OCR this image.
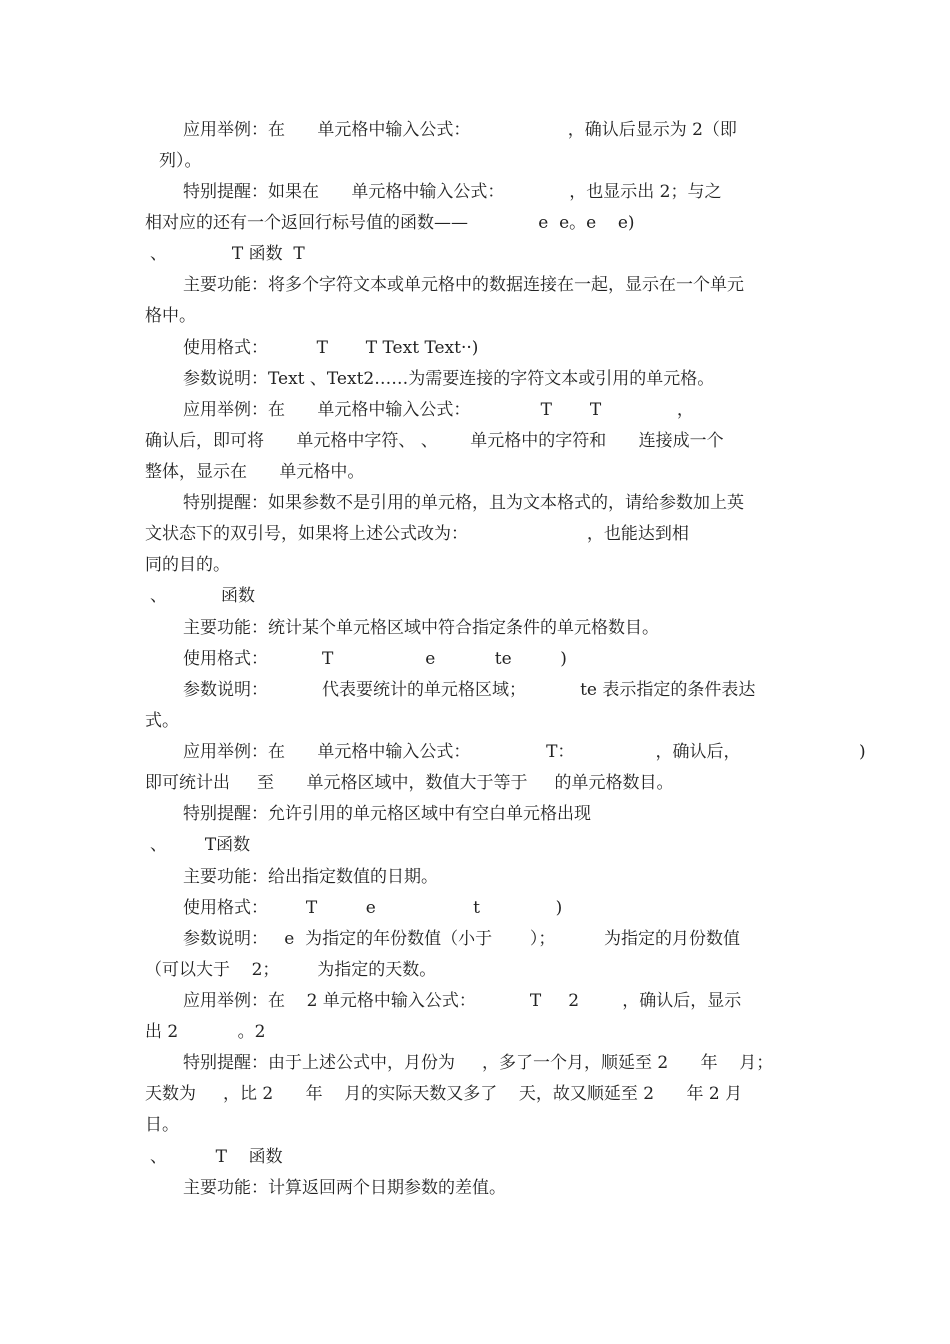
应用举例：在      单元格中输入公式：                  ，确认后显示为 2（即
列）。
特别提醒：如果在      单元格中输入公式：            ，也显示出 2；与之
相对应的还有一个返回行标号值的函数——             e  e。e    e)
、            T 函数  T
主要功能：将多个字符文本或单元格中的数据连接在一起，显示在一个单元
格中。
使用格式：         T       T Text Text··)
参数说明：Text 、Text2……为需要连接的字符文本或引用的单元格。
应用举例：在      单元格中输入公式：             T       T              ，
确认后，即可将      单元格中字符、 、      单元格中的字符和      连接成一个
整体，显示在      单元格中。
特别提醒：如果参数不是引用的单元格，且为文本格式的，请给参数加上英
文状态下的双引号，如果将上述公式改为：                      ，也能达到相
同的目的。
、          函数
主要功能：统计某个单元格区域中符合指定条件的单元格数目。
使用格式：          T                 e           te         )
参数说明：          代表要统计的单元格区域；          te 表示指定的条件表达
式。
应用举例：在      单元格中输入公式：              T：               ，确认后，	)
即可统计出     至      单元格区域中，数值大于等于     的单元格数目。
特别提醒：允许引用的单元格区域中有空白单元格出现
、       T函数
主要功能：给出指定数值的日期。
使用格式：       T         e                  t              )
参数说明：   e  为指定的年份数值（小于       ）；         为指定的月份数值
（可以大于    2；       为指定的天数。
应用举例：在    2 单元格中输入公式：          T     2        ，确认后，显示
出 2           。2
特别提醒：由于上述公式中，月份为     ，多了一个月，顺延至 2      年    月；
天数为     ，比 2      年    月的实际天数又多了    天，故又顺延至 2      年 2 月
日。
、         T    函数
主要功能：计算返回两个日期参数的差值。
